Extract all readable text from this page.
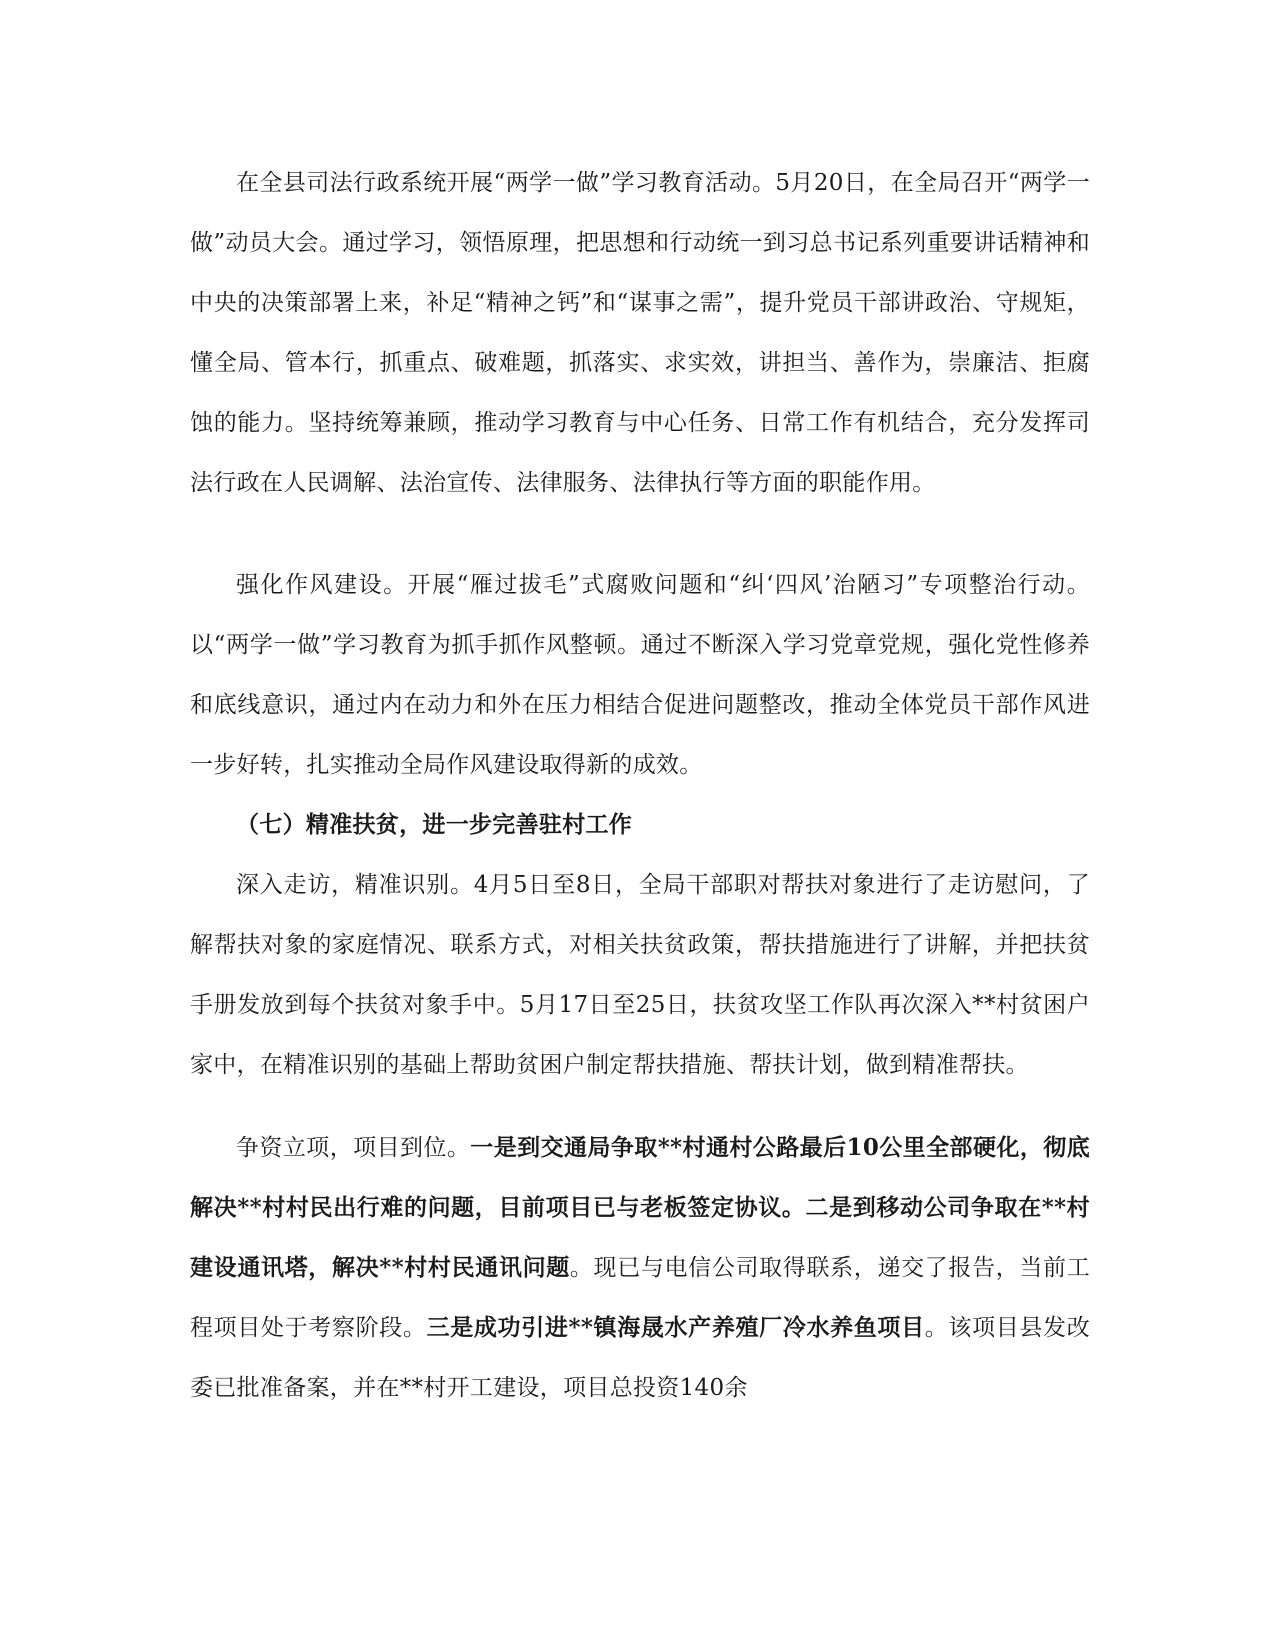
在全县司法行政系统开展“两学一做”学习教育活动。5月20日，在全局召开“两学一做”动员大会。通过学习，领悟原理，把思想和行动统一到习总书记系列重要讲话精神和中央的决策部署上来，补足“精神之钙”和“谋事之需”，提升党员干部讲政治、守规矩，懂全局、管本行，抓重点、破难题，抓落实、求实效，讲担当、善作为，崇廉洁、拒腐蚀的能力。坚持统筹兼顾，推动学习教育与中心任务、日常工作有机结合，充分发挥司法行政在人民调解、法治宣传、法律服务、法律执行等方面的职能作用。

强化作风建设。开展“雁过拔毛”式腐败问题和“纠‘四风’治陋习”专项整治行动。以“两学一做”学习教育为抓手抓作风整顿。通过不断深入学习党章党规，强化党性修养和底线意识，通过内在动力和外在压力相结合促进问题整改，推动全体党员干部作风进一步好转，扎实推动全局作风建设取得新的成效。

（七）精准扶贫，进一步完善驻村工作

深入走访，精准识别。4月5日至8日，全局干部职对帮扶对象进行了走访慰问，了解帮扶对象的家庭情况、联系方式，对相关扶贫政策，帮扶措施进行了讲解，并把扶贫手册发放到每个扶贫对象手中。5月17日至25日，扶贫攻坚工作队再次深入**村贫困户家中，在精准识别的基础上帮助贫困户制定帮扶措施、帮扶计划，做到精准帮扶。

争资立项，项目到位。一是到交通局争取**村通村公路最后10公里全部硬化，彻底解决**村村民出行难的问题，目前项目已与老板签定协议。二是到移动公司争取在**村建设通讯塔，解决**村村民通讯问题。现已与电信公司取得联系，递交了报告，当前工程项目处于考察阶段。三是成功引进**镇海晟水产养殖厂冷水养鱼项目。该项目县发改委已批准备案，并在**村开工建设，项目总投资140余
